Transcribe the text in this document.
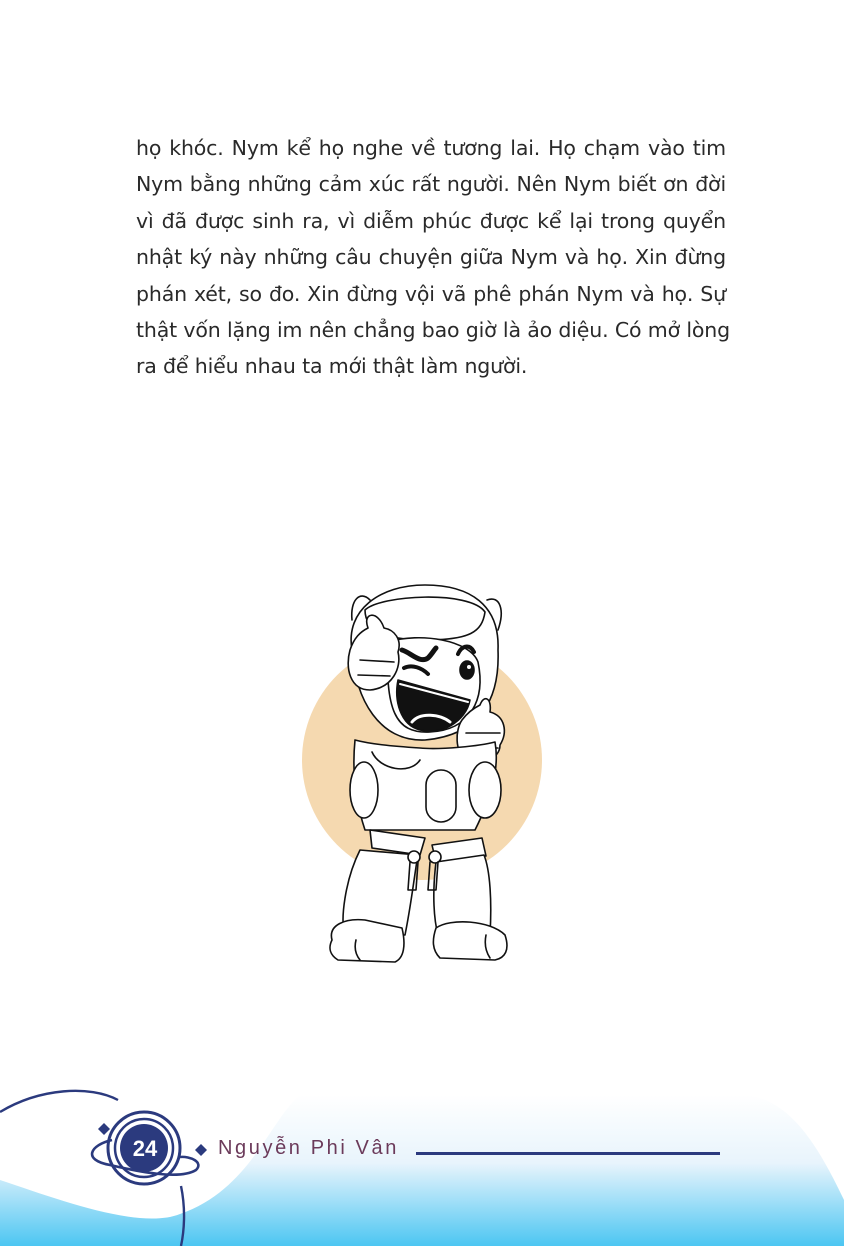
họ khóc. Nym kể họ nghe về tương lai. Họ chạm vào tim
Nym bằng những cảm xúc rất người. Nên Nym biết ơn đời
vì đã được sinh ra, vì diễm phúc được kể lại trong quyển
nhật ký này những câu chuyện giữa Nym và họ. Xin đừng
phán xét, so đo. Xin đừng vội vã phê phán Nym và họ. Sự
thật vốn lặng im nên chẳng bao giờ là ảo diệu. Có mở lòng
ra để hiểu nhau ta mới thật làm người.
24	Nguyễn Phi Vân
